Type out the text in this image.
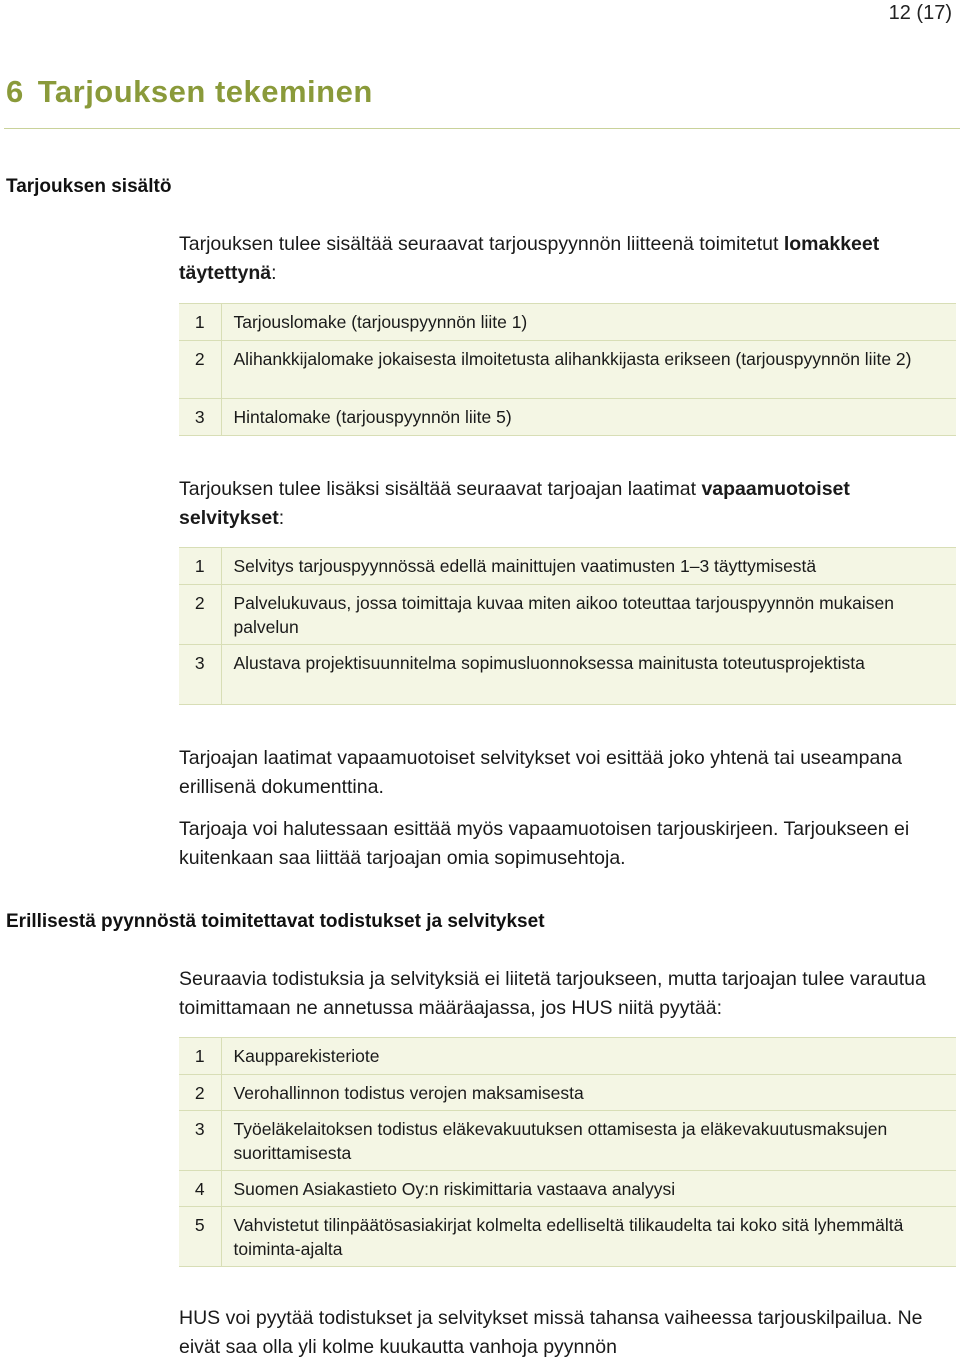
12 (17)
6 Tarjouksen tekeminen
Tarjouksen sisältö

Tarjouksen tulee sisältää seuraavat tarjouspyynnön liitteenä toimitetut lomakkeet täytettynä:

1	Tarjouslomake (tarjouspyynnön liite 1)
2	Alihankkijalomake jokaisesta ilmoitetusta alihankkijasta erikseen (tarjouspyynnön liite 2)
3	Hintalomake (tarjouspyynnön liite 5)

Tarjouksen tulee lisäksi sisältää seuraavat tarjoajan laatimat vapaamuotoiset selvitykset:

1	Selvitys tarjouspyynnössä edellä mainittujen vaatimusten 1–3 täyttymisestä
2	Palvelukuvaus, jossa toimittaja kuvaa miten aikoo toteuttaa tarjouspyynnön mukaisen palvelun
3	Alustava projektisuunnitelma sopimusluonnoksessa mainitusta toteutusprojektista

Tarjoajan laatimat vapaamuotoiset selvitykset voi esittää joko yhtenä tai useampana erillisenä dokumenttina.

Tarjoaja voi halutessaan esittää myös vapaamuotoisen tarjouskirjeen. Tarjoukseen ei kuitenkaan saa liittää tarjoajan omia sopimusehtoja.

Erillisestä pyynnöstä toimitettavat todistukset ja selvitykset

Seuraavia todistuksia ja selvityksiä ei liitetä tarjoukseen, mutta tarjoajan tulee varautua toimittamaan ne annetussa määräajassa, jos HUS niitä pyytää:

1	Kaupparekisteriote
2	Verohallinnon todistus verojen maksamisesta
3	Työeläkelaitoksen todistus eläkevakuutuksen ottamisesta ja eläkevakuutusmaksujen suorittamisesta
4	Suomen Asiakastieto Oy:n riskimittaria vastaava analyysi
5	Vahvistetut tilinpäätösasiakirjat kolmelta edelliseltä tilikaudelta tai koko sitä lyhemmältä toiminta-ajalta

HUS voi pyytää todistukset ja selvitykset missä tahansa vaiheessa tarjouskilpailua. Ne eivät saa olla yli kolme kuukautta vanhoja pyynnön
